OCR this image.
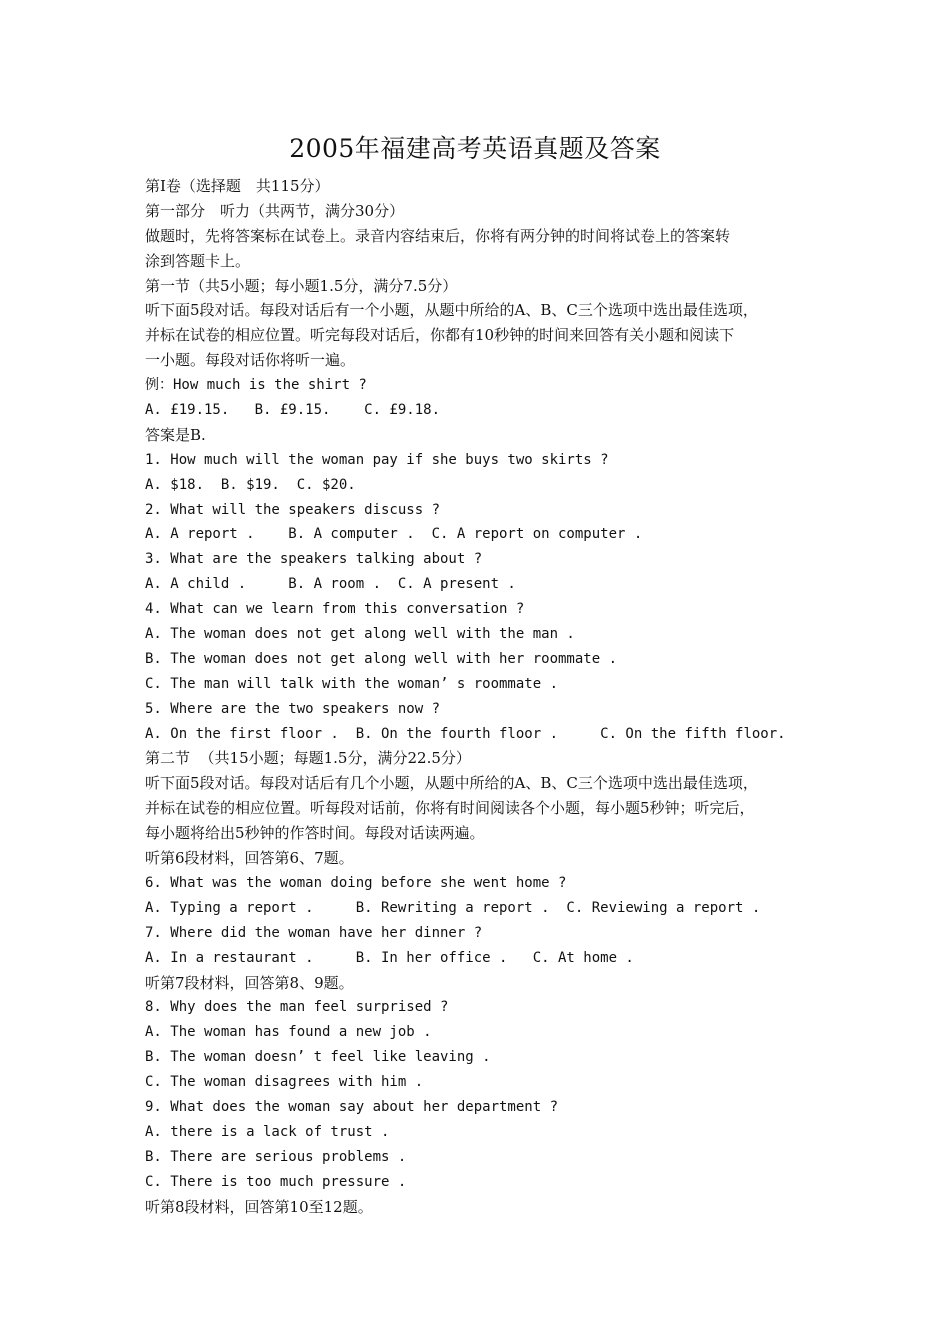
2005年福建高考英语真题及答案
第Ⅰ卷（选择题　共115分）
第一部分　听力（共两节，满分30分）
做题时，先将答案标在试卷上。录音内容结束后，你将有两分钟的时间将试卷上的答案转
涂到答题卡上。
第一节（共5小题；每小题1.5分，满分7.5分）
听下面5段对话。每段对话后有一个小题，从题中所给的A、B、C三个选项中选出最佳选项，
并标在试卷的相应位置。听完每段对话后，你都有10秒钟的时间来回答有关小题和阅读下
一小题。每段对话你将听一遍。
例：How much is the shirt ?
A. £19.15.   B. £9.15.    C. £9.18.
答案是B.
1. How much will the woman pay if she buys two skirts ?
A. $18.  B. $19.  C. $20.
2. What will the speakers discuss ?
A. A report .    B. A computer .  C. A report on computer .
3. What are the speakers talking about ?
A. A child .     B. A room .  C. A present .
4. What can we learn from this conversation ?
A. The woman does not get along well with the man .
B. The woman does not get along well with her roommate .
C. The man will talk with the woman’ s roommate .
5. Where are the two speakers now ?
A. On the first floor .  B. On the fourth floor .     C. On the fifth floor.
第二节  （共15小题；每题1.5分，满分22.5分）
听下面5段对话。每段对话后有几个小题，从题中所给的A、B、C三个选项中选出最佳选项，
并标在试卷的相应位置。听每段对话前，你将有时间阅读各个小题，每小题5秒钟；听完后，
每小题将给出5秒钟的作答时间。每段对话读两遍。
听第6段材料，回答第6、7题。
6. What was the woman doing before she went home ?
A. Typing a report .     B. Rewriting a report .  C. Reviewing a report .
7. Where did the woman have her dinner ?
A. In a restaurant .     B. In her office .   C. At home .
听第7段材料，回答第8、9题。
8. Why does the man feel surprised ?
A. The woman has found a new job .
B. The woman doesn’ t feel like leaving .
C. The woman disagrees with him .
9. What does the woman say about her department ?
A. there is a lack of trust .
B. There are serious problems .
C. There is too much pressure .
听第8段材料，回答第10至12题。
